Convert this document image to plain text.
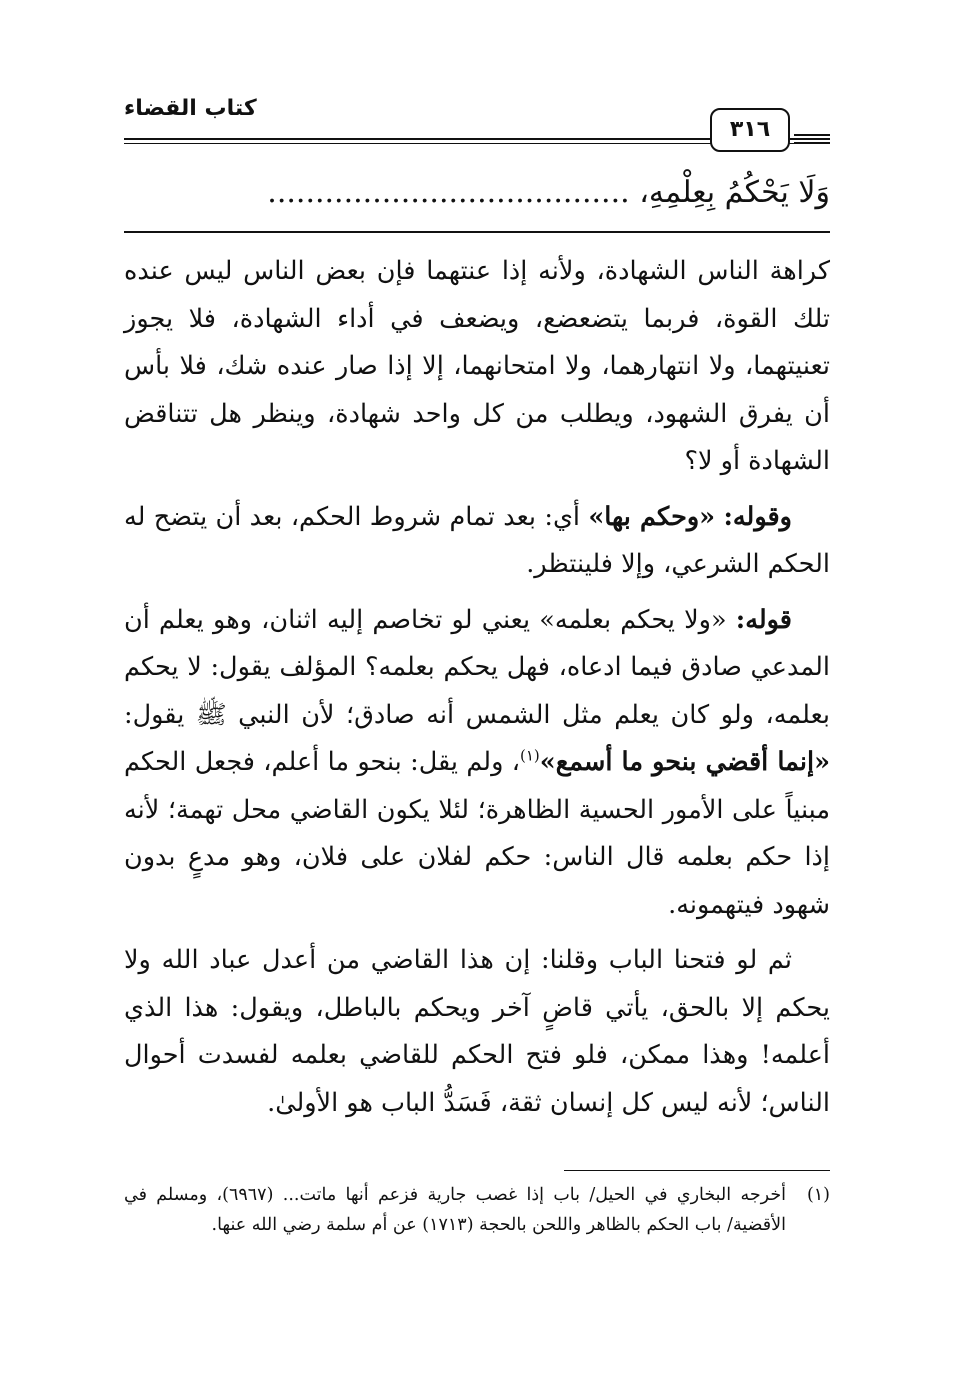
كتاب القضاء
٣١٦
وَلَا يَحْكُمُ بِعِلْمِهِ، ......................................

كراهة الناس الشهادة، ولأنه إذا عنتهما فإن بعض الناس ليس عنده تلك القوة، فربما يتضعضع، ويضعف في أداء الشهادة، فلا يجوز تعنيتهما، ولا انتهارهما، ولا امتحانهما، إلا إذا صار عنده شك، فلا بأس أن يفرق الشهود، ويطلب من كل واحد شهادة، وينظر هل تتناقض الشهادة أو لا؟

وقوله: «وحكم بها» أي: بعد تمام شروط الحكم، بعد أن يتضح له الحكم الشرعي، وإلا فلينتظر.

قوله: «ولا يحكم بعلمه» يعني لو تخاصم إليه اثنان، وهو يعلم أن المدعي صادق فيما ادعاه، فهل يحكم بعلمه؟ المؤلف يقول: لا يحكم بعلمه، ولو كان يعلم مثل الشمس أنه صادق؛ لأن النبي ﷺ يقول: «إنما أقضي بنحو ما أسمع»$^{(١)}$، ولم يقل: بنحو ما أعلم، فجعل الحكم مبنياً على الأمور الحسية الظاهرة؛ لئلا يكون القاضي محل تهمة؛ لأنه إذا حكم بعلمه قال الناس: حكم لفلان على فلان، وهو مدعٍ بدون شهود فيتهمونه.

ثم لو فتحنا الباب وقلنا: إن هذا القاضي من أعدل عباد الله ولا يحكم إلا بالحق، يأتي قاضٍ آخر ويحكم بالباطل، ويقول: هذا الذي أعلمه! وهذا ممكن، فلو فتح الحكم للقاضي بعلمه لفسدت أحوال الناس؛ لأنه ليس كل إنسان ثقة، فَسَدُّ الباب هو الأولىٰ.

(١)
أخرجه البخاري في الحيل/ باب إذا غصب جارية فزعم أنها ماتت... (٦٩٦٧)، ومسلم في الأقضية/ باب الحكم بالظاهر واللحن بالحجة (١٧١٣) عن أم سلمة رضي الله عنها.
